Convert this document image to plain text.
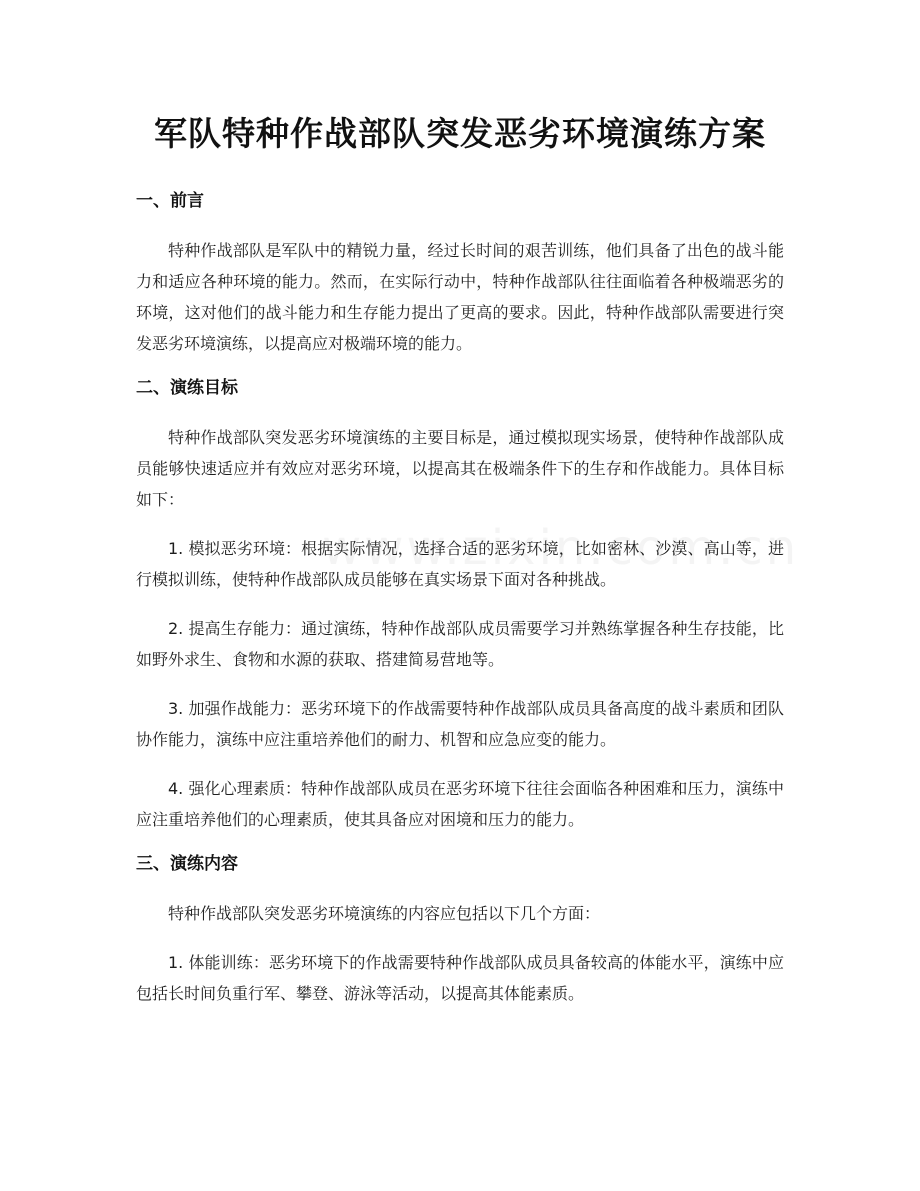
军队特种作战部队突发恶劣环境演练方案
一、前言

特种作战部队是军队中的精锐力量，经过长时间的艰苦训练，他们具备了出色的战斗能力和适应各种环境的能力。然而，在实际行动中，特种作战部队往往面临着各种极端恶劣的环境，这对他们的战斗能力和生存能力提出了更高的要求。因此，特种作战部队需要进行突发恶劣环境演练，以提高应对极端环境的能力。

二、演练目标

特种作战部队突发恶劣环境演练的主要目标是，通过模拟现实场景，使特种作战部队成员能够快速适应并有效应对恶劣环境，以提高其在极端条件下的生存和作战能力。具体目标如下：

1. 模拟恶劣环境：根据实际情况，选择合适的恶劣环境，比如密林、沙漠、高山等，进行模拟训练，使特种作战部队成员能够在真实场景下面对各种挑战。

2. 提高生存能力：通过演练，特种作战部队成员需要学习并熟练掌握各种生存技能，比如野外求生、食物和水源的获取、搭建简易营地等。

3. 加强作战能力：恶劣环境下的作战需要特种作战部队成员具备高度的战斗素质和团队协作能力，演练中应注重培养他们的耐力、机智和应急应变的能力。

4. 强化心理素质：特种作战部队成员在恶劣环境下往往会面临各种困难和压力，演练中应注重培养他们的心理素质，使其具备应对困境和压力的能力。

三、演练内容

特种作战部队突发恶劣环境演练的内容应包括以下几个方面：

1. 体能训练：恶劣环境下的作战需要特种作战部队成员具备较高的体能水平，演练中应包括长时间负重行军、攀登、游泳等活动，以提高其体能素质。
